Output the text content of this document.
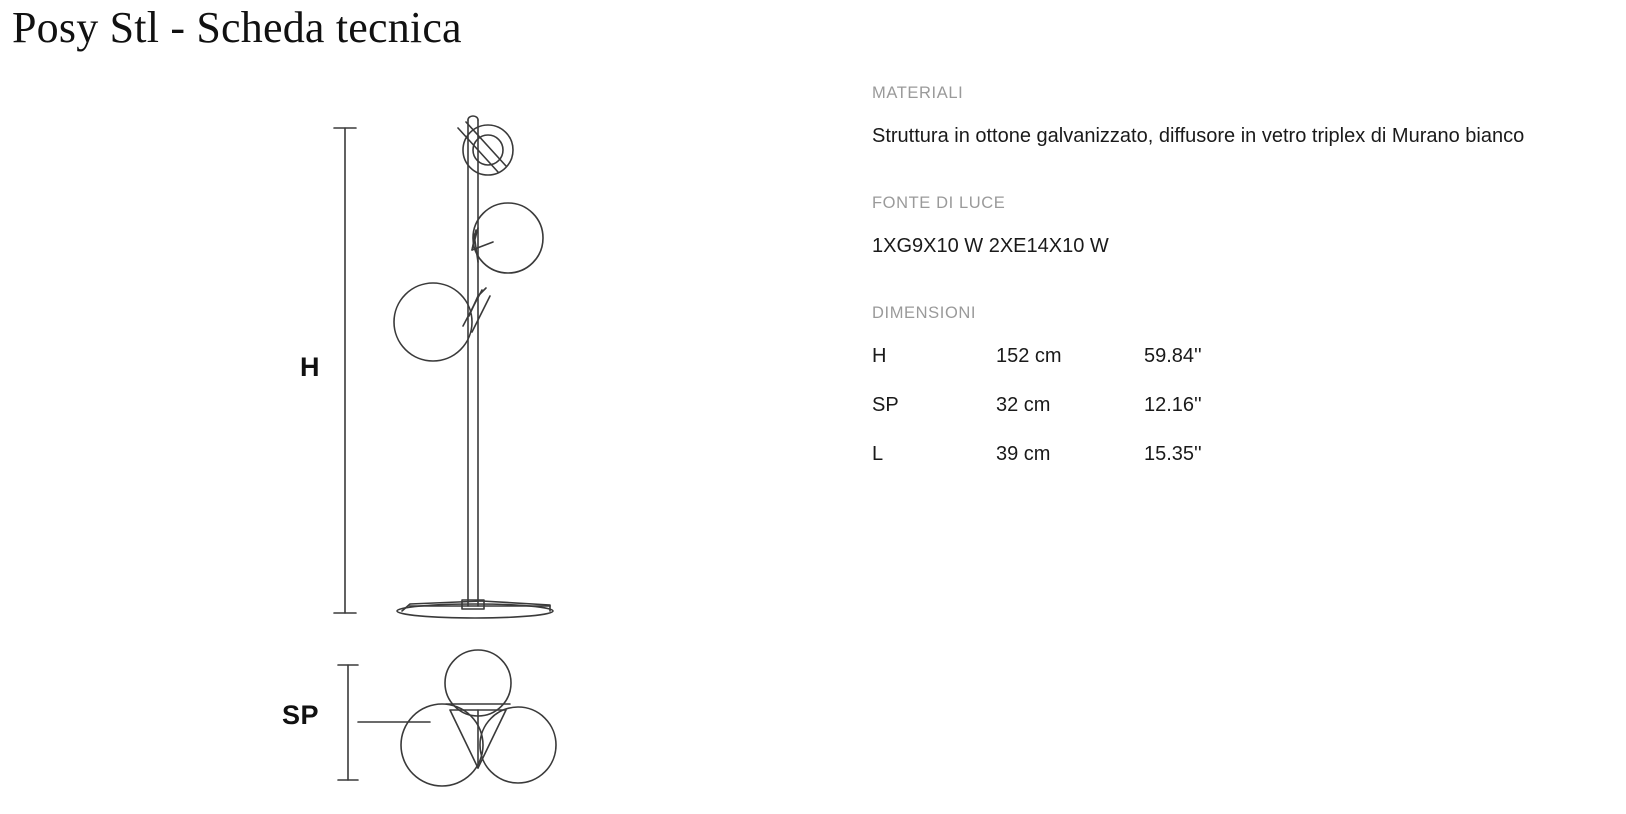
Posy Stl - Scheda tecnica
H
SP

MATERIALI

Struttura in ottone galvanizzato, diffusore in vetro triplex di Murano bianco

FONTE DI LUCE

1XG9X10 W 2XE14X10 W

DIMENSIONI

H	152 cm	59.84''
SP	32 cm	12.16''
L	39 cm	15.35''
